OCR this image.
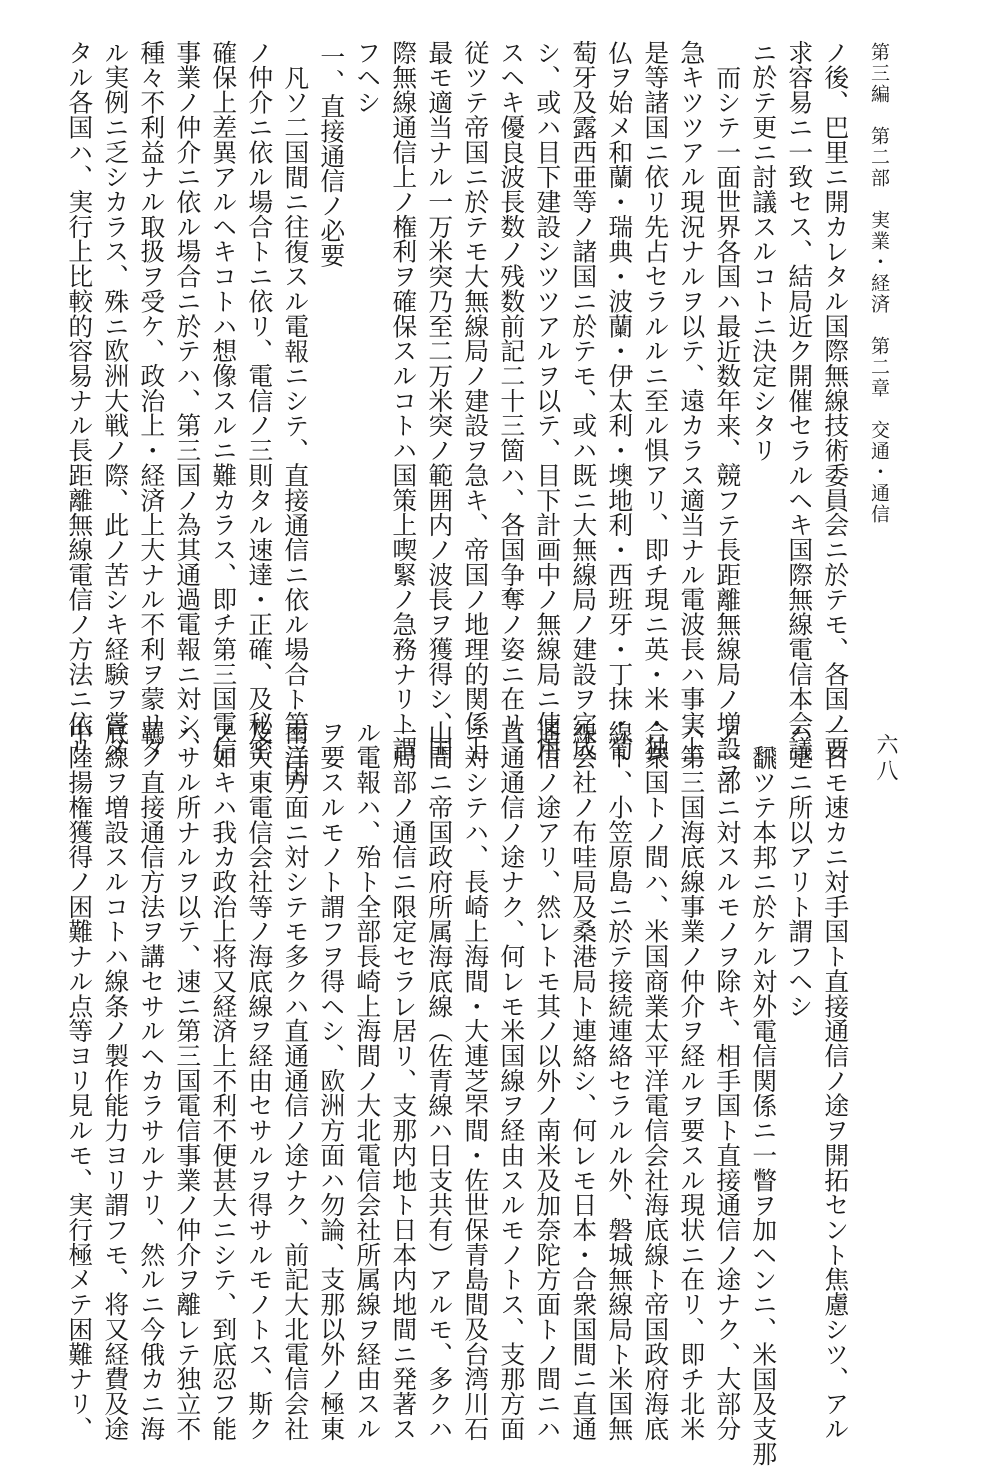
第三編　第二部　実業・経済　第二章　交通・通信
六八
ノ後、巴里ニ開カレタル国際無線技術委員会ニ於テモ、各国ノ要
求容易ニ一致セス、結局近ク開催セラルヘキ国際無線電信本会議
ニ於テ更ニ討議スルコトニ決定シタリ
而シテ一面世界各国ハ最近数年来、競フテ長距離無線局ノ増設ヲ
急キツツアル現況ナルヲ以テ、遠カラス適当ナル電波長ハ事実上
是等諸国ニ依リ先占セラルルニ至ル惧アリ、即チ現ニ英・米・独
仏ヲ始メ和蘭・瑞典・波蘭・伊太利・墺地利・西班牙・丁抹・葡
萄牙及露西亜等ノ諸国ニ於テモ、或ハ既ニ大無線局ノ建設ヲ完成
シ、或ハ目下建設シツツアルヲ以テ、目下計画中ノ無線局ニ使用
スヘキ優良波長数ノ残数前記二十三箇ハ、各国争奪ノ姿ニ在リ、
従ツテ帝国ニ於テモ大無線局ノ建設ヲ急キ、帝国ノ地理的関係上
最モ適当ナル一万米突乃至二万米突ノ範囲内ノ波長ヲ獲得シ、国
際無線通信上ノ権利ヲ確保スルコトハ国策上喫緊ノ急務ナリト謂
フヘシ
一、直接通信ノ必要
凡ソ二国間ニ往復スル電報ニシテ、直接通信ニ依ル場合ト第三国
ノ仲介ニ依ル場合トニ依リ、電信ノ三則タル速達・正確、及秘密
確保上差異アルヘキコトハ想像スルニ難カラス、即チ第三国電信
事業ノ仲介ニ依ル場合ニ於テハ、第三国ノ為其通過電報ニ対シ、
種々不利益ナル取扱ヲ受ケ、政治上・経済上大ナル不利ヲ蒙リタ
ル実例ニ乏シカラス、殊ニ欧洲大戦ノ際、此ノ苦シキ経験ヲ嘗メ
タル各国ハ、実行上比較的容易ナル長距離無線電信ノ方法ニ依リ
一日モ速カニ対手国ト直接通信ノ途ヲ開拓セント焦慮シツ、アル
ハ寔ニ所以アリト謂フヘシ
飜ツテ本邦ニ於ケル対外電信関係ニ一瞥ヲ加ヘンニ、米国及支那
ノ一部ニ対スルモノヲ除キ、相手国ト直接通信ノ途ナク、大部分
ハ第三国海底線事業ノ仲介ヲ経ルヲ要スル現状ニ在リ、即チ北米
合衆国トノ間ハ、米国商業太平洋電信会社海底線ト帝国政府海底
線ト、小笠原島ニ於テ接続連絡セラルル外、磐城無線局ト米国無
線会社ノ布哇局及桑港局ト連絡シ、何レモ日本・合衆国間ニ直通
通信ノ途アリ、然レトモ其ノ以外ノ南米及加奈陀方面トノ間ニハ
直通通信ノ途ナク、何レモ米国線ヲ経由スルモノトス、支那方面
ニ対シテハ、長崎上海間・大連芝罘間・佐世保青島間及台湾川石
山間ニ帝国政府所属海底線（佐青線ハ日支共有）アルモ、多クハ
一局部ノ通信ニ限定セラレ居リ、支那内地ト日本内地間ニ発著ス
ル電報ハ、殆ト全部長崎上海間ノ大北電信会社所属線ヲ経由スル
ヲ要スルモノト謂フヲ得ヘシ、欧洲方面ハ勿論、支那以外ノ極東
南洋方面ニ対シテモ多クハ直通通信ノ途ナク、前記大北電信会社
及大東電信会社等ノ海底線ヲ経由セサルヲ得サルモノトス、斯ク
ノ如キハ我カ政治上将又経済上不利不便甚大ニシテ、到底忍フ能
ハサル所ナルヲ以テ、速ニ第三国電信事業ノ仲介ヲ離レテ独立不
羈ノ直接通信方法ヲ講セサルヘカラサルナリ、然ルニ今俄カニ海
底線ヲ増設スルコトハ線条ノ製作能力ヨリ謂フモ、将又経費及途
中陸揚権獲得ノ困難ナル点等ヨリ見ルモ、実行極メテ困難ナリ、
